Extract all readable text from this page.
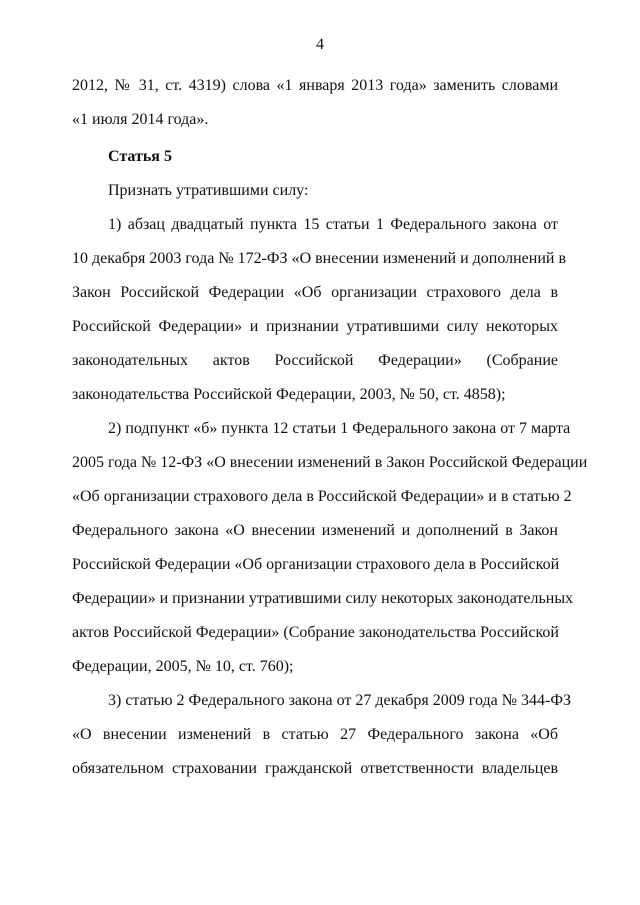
4

2012, № 31, ст. 4319) слова «1 января 2013 года» заменить словами

«1 июля 2014 года».

Статья 5

Признать утратившими силу:

1) абзац двадцатый пункта 15 статьи 1 Федерального закона от

10 декабря 2003 года № 172-ФЗ «О внесении изменений и дополнений в

Закон Российской Федерации «Об организации страхового дела в

Российской Федерации» и признании утратившими силу некоторых

законодательных актов Российской Федерации» (Собрание

законодательства Российской Федерации, 2003, № 50, ст. 4858);

2) подпункт «б» пункта 12 статьи 1 Федерального закона от 7 марта

2005 года № 12-ФЗ «О внесении изменений в Закон Российской Федерации

«Об организации страхового дела в Российской Федерации» и в статью 2

Федерального закона «О внесении изменений и дополнений в Закон

Российской Федерации «Об организации страхового дела в Российской

Федерации» и признании утратившими силу некоторых законодательных

актов Российской Федерации» (Собрание законодательства Российской

Федерации, 2005, № 10, ст. 760);

3) статью 2 Федерального закона от 27 декабря 2009 года № 344-ФЗ

«О внесении изменений в статью 27 Федерального закона «Об

обязательном страховании гражданской ответственности владельцев
